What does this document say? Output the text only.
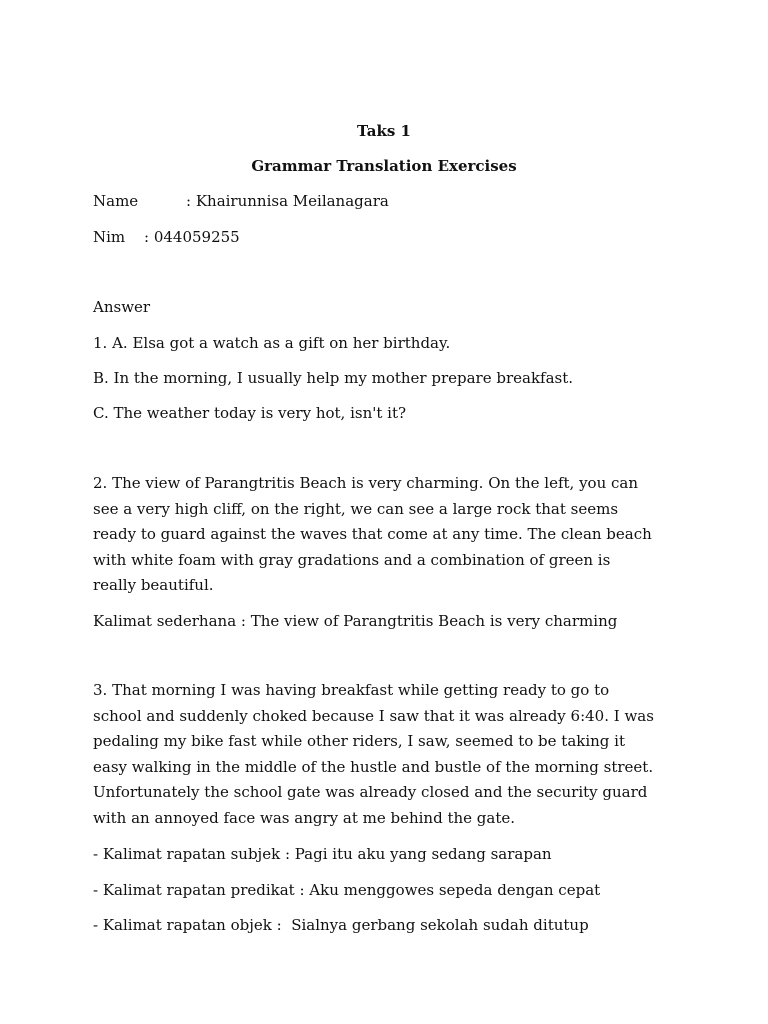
Taks 1
Grammar Translation Exercises
Name	: Khairunnisa Meilanagara
Nim : 044059255
Answer
1. A. Elsa got a watch as a gift on her birthday.
B. In the morning, I usually help my mother prepare breakfast.
C. The weather today is very hot, isn't it?
2. The view of Parangtritis Beach is very charming. On the left, you can
see a very high cliff, on the right, we can see a large rock that seems
ready to guard against the waves that come at any time. The clean beach
with white foam with gray gradations and a combination of green is
really beautiful.
Kalimat sederhana : The view of Parangtritis Beach is very charming
3. That morning I was having breakfast while getting ready to go to
school and suddenly choked because I saw that it was already 6:40. I was
pedaling my bike fast while other riders, I saw, seemed to be taking it
easy walking in the middle of the hustle and bustle of the morning street.
Unfortunately the school gate was already closed and the security guard
with an annoyed face was angry at me behind the gate.
- Kalimat rapatan subjek : Pagi itu aku yang sedang sarapan
- Kalimat rapatan predikat : Aku menggowes sepeda dengan cepat
- Kalimat rapatan objek :  Sialnya gerbang sekolah sudah ditutup
